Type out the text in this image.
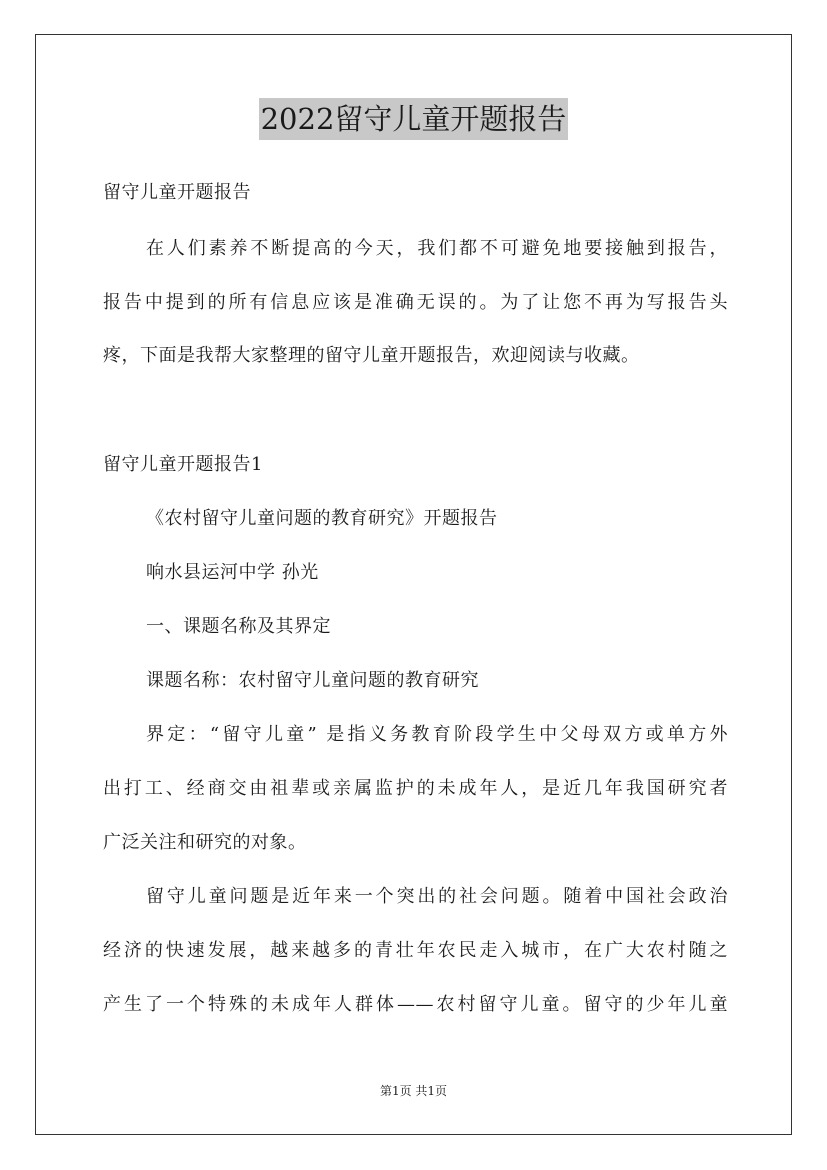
2022留守儿童开题报告
留守儿童开题报告
在人们素养不断提高的今天，我们都不可避免地要接触到报告，
报告中提到的所有信息应该是准确无误的。为了让您不再为写报告头
疼，下面是我帮大家整理的留守儿童开题报告，欢迎阅读与收藏。
留守儿童开题报告1
《农村留守儿童问题的教育研究》开题报告
响水县运河中学 孙光
一、课题名称及其界定
课题名称：农村留守儿童问题的教育研究
界定：“留守儿童” 是指义务教育阶段学生中父母双方或单方外
出打工、经商交由祖辈或亲属监护的未成年人，是近几年我国研究者
广泛关注和研究的对象。
留守儿童问题是近年来一个突出的社会问题。随着中国社会政治
经济的快速发展，越来越多的青壮年农民走入城市，在广大农村随之
产生了一个特殊的未成年人群体——农村留守儿童。留守的少年儿童
第1页 共1页
